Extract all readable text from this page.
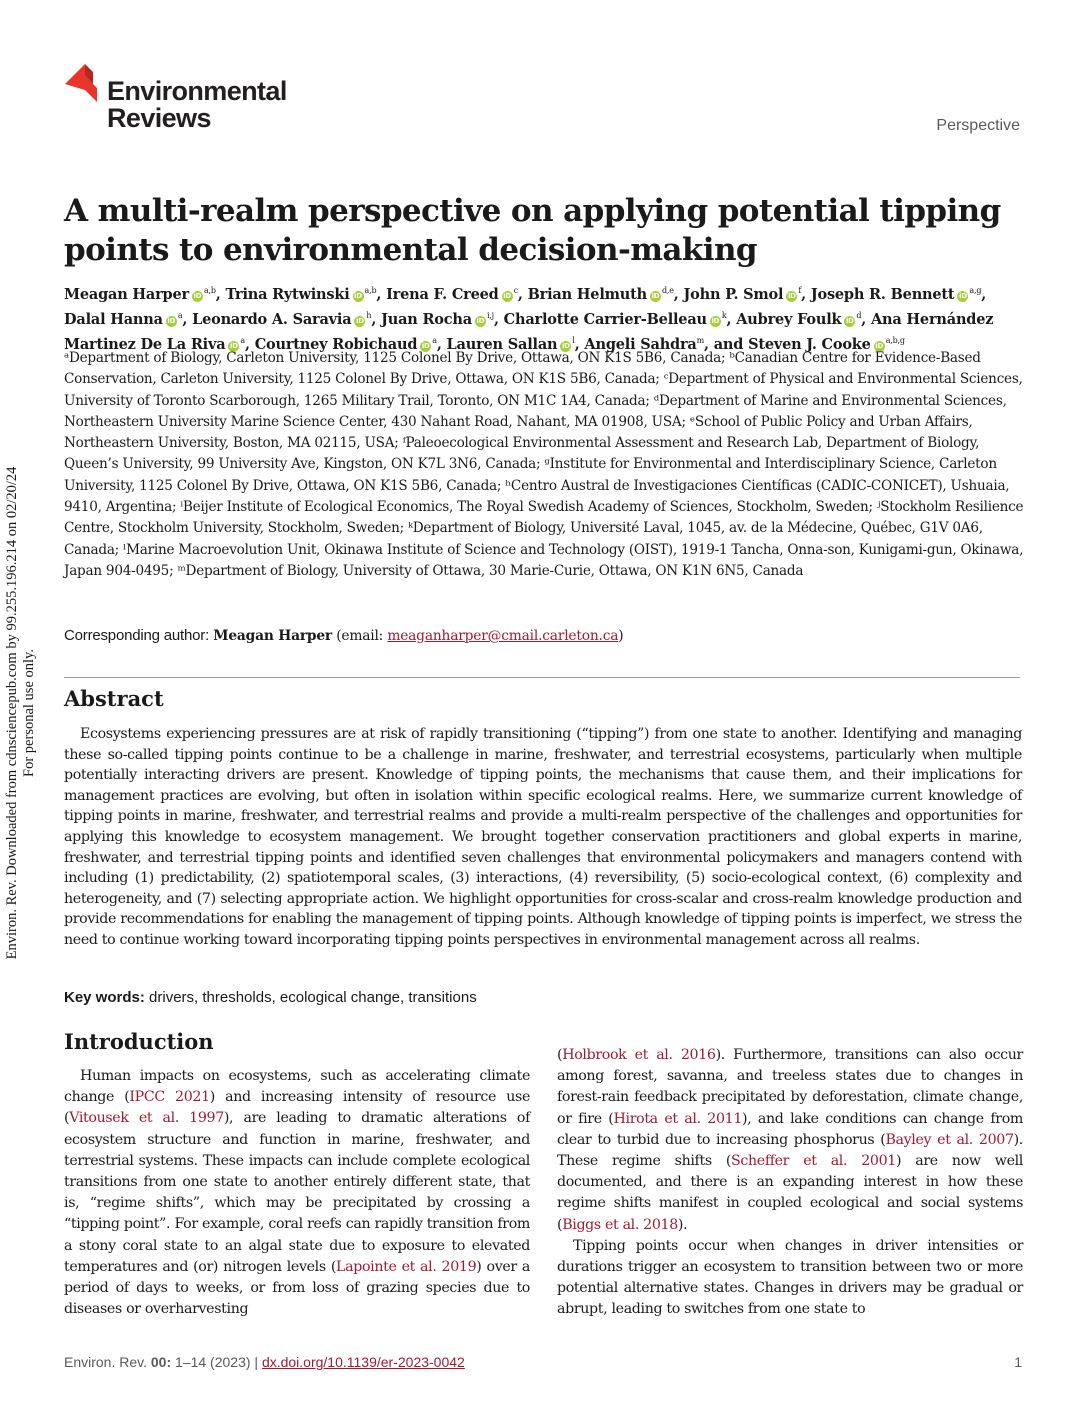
Environ. Rev. Downloaded from cdnsciencepub.com by 99.255.196.214 on 02/20/24 For personal use only.
Environmental
Reviews	Perspective
A multi-realm perspective on applying potential tipping points to environmental decision-making
Meagan Harper iD$^{a,b}$, Trina Rytwinski iD$^{a,b}$, Irena F. Creed $iD^c$, Brian Helmuth iD$^{d,e}$, John P. Smol $iD^f$, Joseph R. Bennett iD$^{a,g}$, Dalal Hanna $iD^a$, Leonardo A. Saravia $iD^h$, Juan Rocha iD$^{i,j}$, Charlotte Carrier-Belleau $iD^k$, Aubrey Foulk $iD^d$, Ana Hernández Martinez De La Riva $iD^a$, Courtney Robichaud $iD^a$, Lauren Sallan $iD^l$, Angeli Sahdra$^m$, and Steven J. Cooke iD$^{a,b,g}$
ᵃDepartment of Biology, Carleton University, 1125 Colonel By Drive, Ottawa, ON K1S 5B6, Canada; ᵇCanadian Centre for Evidence-Based Conservation, Carleton University, 1125 Colonel By Drive, Ottawa, ON K1S 5B6, Canada; ᶜDepartment of Physical and Environmental Sciences, University of Toronto Scarborough, 1265 Military Trail, Toronto, ON M1C 1A4, Canada; ᵈDepartment of Marine and Environmental Sciences, Northeastern University Marine Science Center, 430 Nahant Road, Nahant, MA 01908, USA; ᵉSchool of Public Policy and Urban Affairs, Northeastern University, Boston, MA 02115, USA; ᶠPaleoecological Environmental Assessment and Research Lab, Department of Biology, Queen’s University, 99 University Ave, Kingston, ON K7L 3N6, Canada; ᵍInstitute for Environmental and Interdisciplinary Science, Carleton University, 1125 Colonel By Drive, Ottawa, ON K1S 5B6, Canada; ʰCentro Austral de Investigaciones Científicas (CADIC-CONICET), Ushuaia, 9410, Argentina; ⁱBeijer Institute of Ecological Economics, The Royal Swedish Academy of Sciences, Stockholm, Sweden; ʲStockholm Resilience Centre, Stockholm University, Stockholm, Sweden; ᵏDepartment of Biology, Université Laval, 1045, av. de la Médecine, Québec, G1V 0A6, Canada; ˡMarine Macroevolution Unit, Okinawa Institute of Science and Technology (OIST), 1919-1 Tancha, Onna-son, Kunigami-gun, Okinawa, Japan 904-0495; ᵐDepartment of Biology, University of Ottawa, 30 Marie-Curie, Ottawa, ON K1N 6N5, Canada
Corresponding author: Meagan Harper (email: meaganharper@cmail.carleton.ca)
Abstract

Ecosystems experiencing pressures are at risk of rapidly transitioning (“tipping”) from one state to another. Identifying and managing these so-called tipping points continue to be a challenge in marine, freshwater, and terrestrial ecosystems, particularly when multiple potentially interacting drivers are present. Knowledge of tipping points, the mechanisms that cause them, and their implications for management practices are evolving, but often in isolation within specific ecological realms. Here, we summarize current knowledge of tipping points in marine, freshwater, and terrestrial realms and provide a multi-realm perspective of the challenges and opportunities for applying this knowledge to ecosystem management. We brought together conservation practitioners and global experts in marine, freshwater, and terrestrial tipping points and identified seven challenges that environmental policymakers and managers contend with including (1) predictability, (2) spatiotemporal scales, (3) interactions, (4) reversibility, (5) socio-ecological context, (6) complexity and heterogeneity, and (7) selecting appropriate action. We highlight opportunities for cross-scalar and cross-realm knowledge production and provide recommendations for enabling the management of tipping points. Although knowledge of tipping points is imperfect, we stress the need to continue working toward incorporating tipping points perspectives in environmental management across all realms.

Key words: drivers, thresholds, ecological change, transitions
Introduction

Human impacts on ecosystems, such as accelerating climate change (IPCC 2021) and increasing intensity of resource use (Vitousek et al. 1997), are leading to dramatic alterations of ecosystem structure and function in marine, freshwater, and terrestrial systems. These impacts can include complete ecological transitions from one state to another entirely different state, that is, “regime shifts”, which may be precipitated by crossing a “tipping point”. For example, coral reefs can rapidly transition from a stony coral state to an algal state due to exposure to elevated temperatures and (or) nitrogen levels (Lapointe et al. 2019) over a period of days to weeks, or from loss of grazing species due to diseases or overharvesting

(Holbrook et al. 2016). Furthermore, transitions can also occur among forest, savanna, and treeless states due to changes in forest-rain feedback precipitated by deforestation, climate change, or fire (Hirota et al. 2011), and lake conditions can change from clear to turbid due to increasing phosphorus (Bayley et al. 2007). These regime shifts (Scheffer et al. 2001) are now well documented, and there is an expanding interest in how these regime shifts manifest in coupled ecological and social systems (Biggs et al. 2018).

Tipping points occur when changes in driver intensities or durations trigger an ecosystem to transition between two or more potential alternative states. Changes in drivers may be gradual or abrupt, leading to switches from one state to

Environ. Rev. 00: 1–14 (2023) | dx.doi.org/10.1139/er-2023-0042	1
